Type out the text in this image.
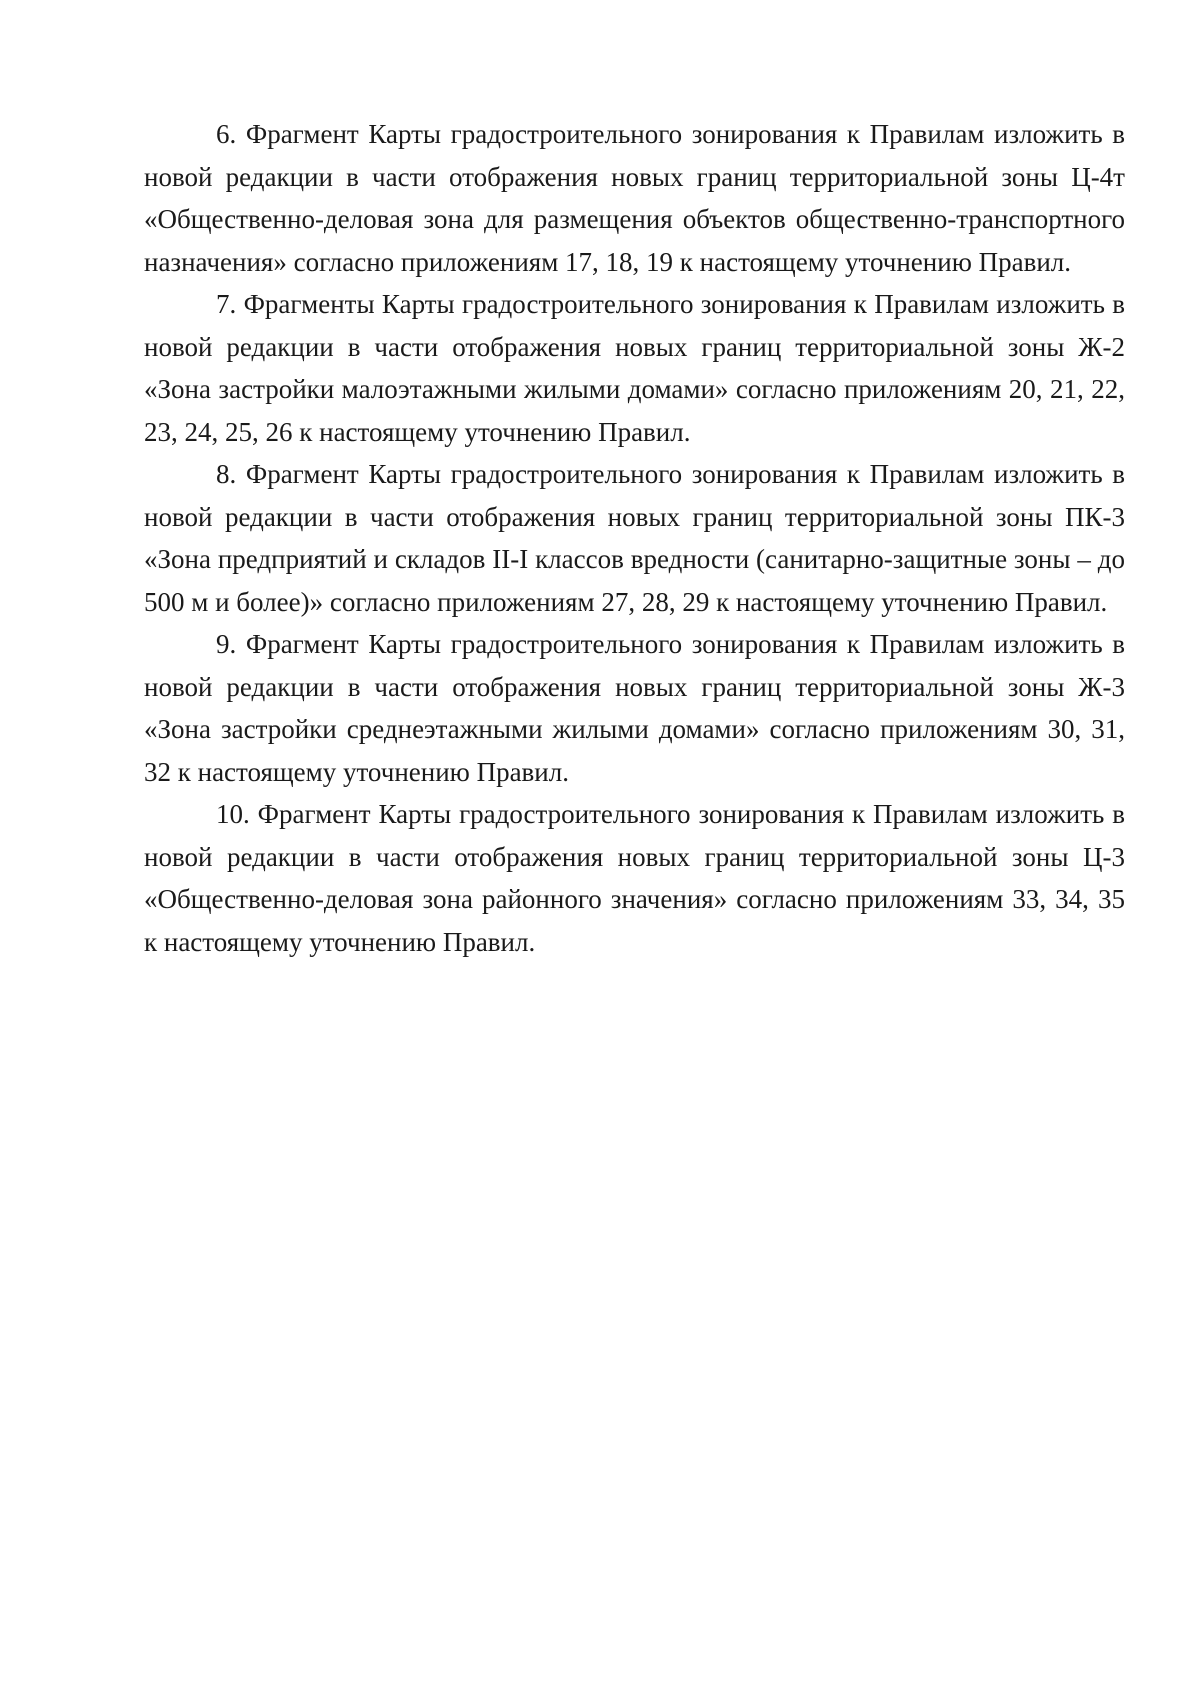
6. Фрагмент Карты градостроительного зонирования к Правилам изложить в новой редакции в части отображения новых границ территориальной зоны Ц-4т «Общественно-деловая зона для размещения объектов общественно-транспортного назначения» согласно приложениям 17, 18, 19 к настоящему уточнению Правил.

7. Фрагменты Карты градостроительного зонирования к Правилам изложить в новой редакции в части отображения новых границ территориальной зоны Ж-2 «Зона застройки малоэтажными жилыми домами» согласно приложениям 20, 21, 22, 23, 24, 25, 26 к настоящему уточнению Правил.

8. Фрагмент Карты градостроительного зонирования к Правилам изложить в новой редакции в части отображения новых границ территориальной зоны ПК-3 «Зона предприятий и складов II-I классов вредности (санитарно-защитные зоны – до 500 м и более)» согласно приложениям 27, 28, 29 к настоящему уточнению Правил.

9. Фрагмент Карты градостроительного зонирования к Правилам изложить в новой редакции в части отображения новых границ территориальной зоны Ж-3 «Зона застройки среднеэтажными жилыми домами» согласно приложениям 30, 31, 32 к настоящему уточнению Правил.

10. Фрагмент Карты градостроительного зонирования к Правилам изложить в новой редакции в части отображения новых границ территориальной зоны Ц-3 «Общественно-деловая зона районного значения» согласно приложениям 33, 34, 35 к настоящему уточнению Правил.
